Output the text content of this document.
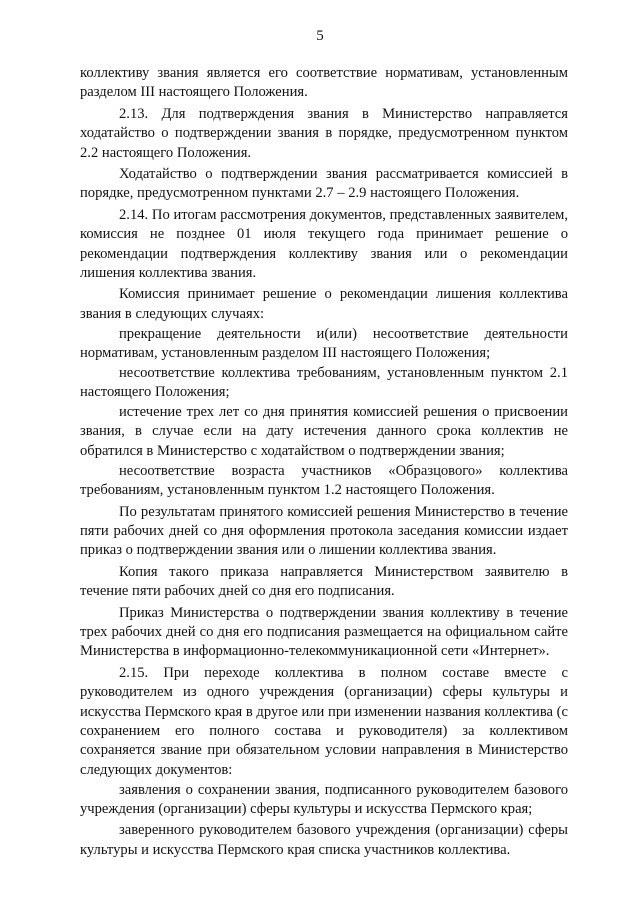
5

коллективу звания является его соответствие нормативам, установленным разделом III настоящего Положения.

2.13. Для подтверждения звания в Министерство направляется ходатайство о подтверждении звания в порядке, предусмотренном пунктом 2.2 настоящего Положения.

Ходатайство о подтверждении звания рассматривается комиссией в порядке, предусмотренном пунктами 2.7 – 2.9 настоящего Положения.

2.14. По итогам рассмотрения документов, представленных заявителем, комиссия не позднее 01 июля текущего года принимает решение о рекомендации подтверждения коллективу звания или о рекомендации лишения коллектива звания.

Комиссия принимает решение о рекомендации лишения коллектива звания в следующих случаях:

прекращение деятельности и(или) несоответствие деятельности нормативам, установленным разделом III настоящего Положения;

несоответствие коллектива требованиям, установленным пунктом 2.1 настоящего Положения;

истечение трех лет со дня принятия комиссией решения о присвоении звания, в случае если на дату истечения данного срока коллектив не обратился в Министерство с ходатайством о подтверждении звания;

несоответствие возраста участников «Образцового» коллектива требованиям, установленным пунктом 1.2 настоящего Положения.

По результатам принятого комиссией решения Министерство в течение пяти рабочих дней со дня оформления протокола заседания комиссии издает приказ о подтверждении звания или о лишении коллектива звания.

Копия такого приказа направляется Министерством заявителю в течение пяти рабочих дней со дня его подписания.

Приказ Министерства о подтверждении звания коллективу в течение трех рабочих дней со дня его подписания размещается на официальном сайте Министерства в информационно-телекоммуникационной сети «Интернет».

2.15. При переходе коллектива в полном составе вместе с руководителем из одного учреждения (организации) сферы культуры и искусства Пермского края в другое или при изменении названия коллектива (с сохранением его полного состава и руководителя) за коллективом сохраняется звание при обязательном условии направления в Министерство следующих документов:

заявления о сохранении звания, подписанного руководителем базового учреждения (организации) сферы культуры и искусства Пермского края;

заверенного руководителем базового учреждения (организации) сферы культуры и искусства Пермского края списка участников коллектива.
